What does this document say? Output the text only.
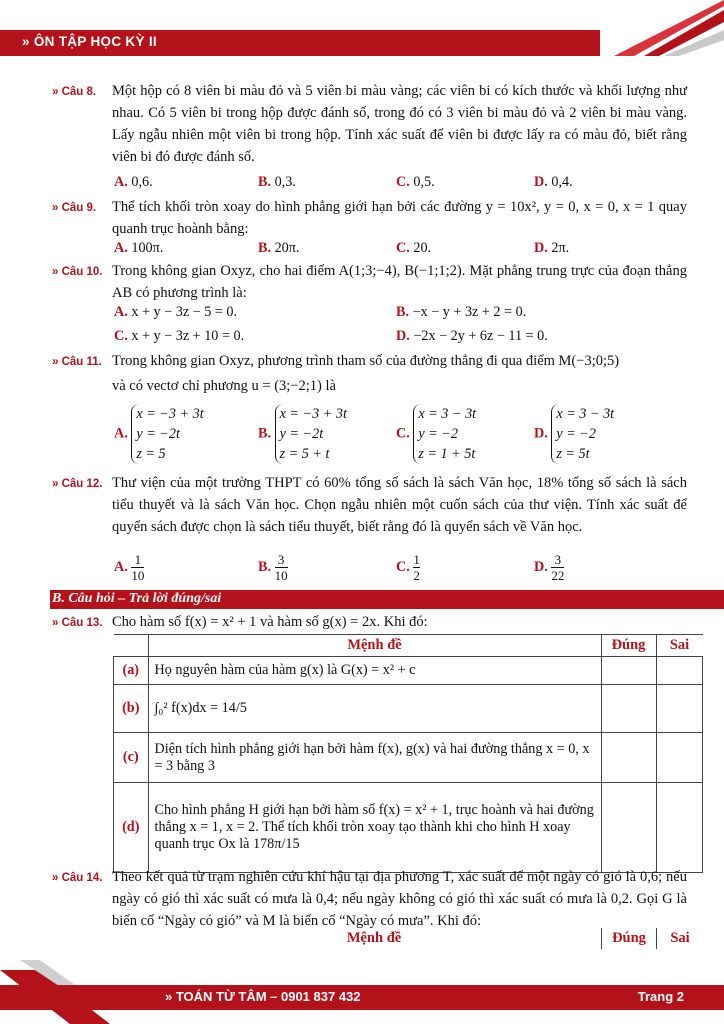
» ÔN TẬP HỌC KỲ II
» Câu 8. Một hộp có 8 viên bi màu đỏ và 5 viên bi màu vàng; các viên bi có kích thước và khối lượng như nhau. Có 5 viên bi trong hộp được đánh số, trong đó có 3 viên bi màu đỏ và 2 viên bi màu vàng. Lấy ngẫu nhiên một viên bi trong hộp. Tính xác suất để viên bi được lấy ra có màu đỏ, biết rằng viên bi đó được đánh số.
A. 0,6.	B. 0,3.	C. 0,5.	D. 0,4.
» Câu 9. Thể tích khối tròn xoay do hình phẳng giới hạn bởi các đường y = 10x², y = 0, x = 0, x = 1 quay quanh trục hoành bằng:
A. 100π.	B. 20π.	C. 20.	D. 2π.
» Câu 10. Trong không gian Oxyz, cho hai điểm A(1;3;−4), B(−1;1;2). Mặt phẳng trung trực của đoạn thẳng AB có phương trình là:
A. x + y − 3z − 5 = 0.	B. −x − y + 3z + 2 = 0.
C. x + y − 3z + 10 = 0.	D. −2x − 2y + 6z − 11 = 0.
» Câu 11. Trong không gian Oxyz, phương trình tham số của đường thẳng đi qua điểm M(−3;0;5)
và có vectơ chỉ phương u = (3;−2;1) là
A. x = −3 + 3t
y = −2t
z = 5
B. x = −3 + 3t
y = −2t
z = 5 + t
C. x = 3 − 3t
y = −2
z = 1 + 5t
D. x = 3 − 3t
y = −2
z = 5t
» Câu 12. Thư viện của một trường THPT có 60% tổng số sách là sách Văn học, 18% tổng số sách là sách tiểu thuyết và là sách Văn học. Chọn ngẫu nhiên một cuốn sách của thư viện. Tính xác suất để quyển sách được chọn là sách tiểu thuyết, biết rằng đó là quyển sách về Văn học.
A. $\frac{1}{10}$	B. $\frac{3}{10}$	C. $\frac{1}{2}$	D. $\frac{3}{22}$
B. Câu hỏi – Trả lời đúng/sai
» Câu 13. Cho hàm số f(x) = x² + 1 và hàm số g(x) = 2x. Khi đó:
	Mệnh đề	Đúng	Sai
(a)	Họ nguyên hàm của hàm g(x) là G(x) = x² + c		
(b)	∫₀² f(x)dx = 14/5		
(c)	Diện tích hình phẳng giới hạn bởi hàm f(x), g(x) và hai đường thẳng x = 0, x = 3 bằng 3		
(d)	Cho hình phẳng H giới hạn bởi hàm số f(x) = x² + 1, trục hoành và hai đường thẳng x = 1, x = 2. Thể tích khối tròn xoay tạo thành khi cho hình H xoay quanh trục Ox là 178π/15		
» Câu 14. Theo kết quả từ trạm nghiên cứu khí hậu tại địa phương T, xác suất để một ngày có gió là 0,6; nếu ngày có gió thì xác suất có mưa là 0,4; nếu ngày không có gió thì xác suất có mưa là 0,2. Gọi G là biến cố “Ngày có gió” và M là biến cố “Ngày có mưa”. Khi đó:
	Mệnh đề	Đúng	Sai
» TOÁN TỪ TÂM – 0901 837 432	Trang 2
